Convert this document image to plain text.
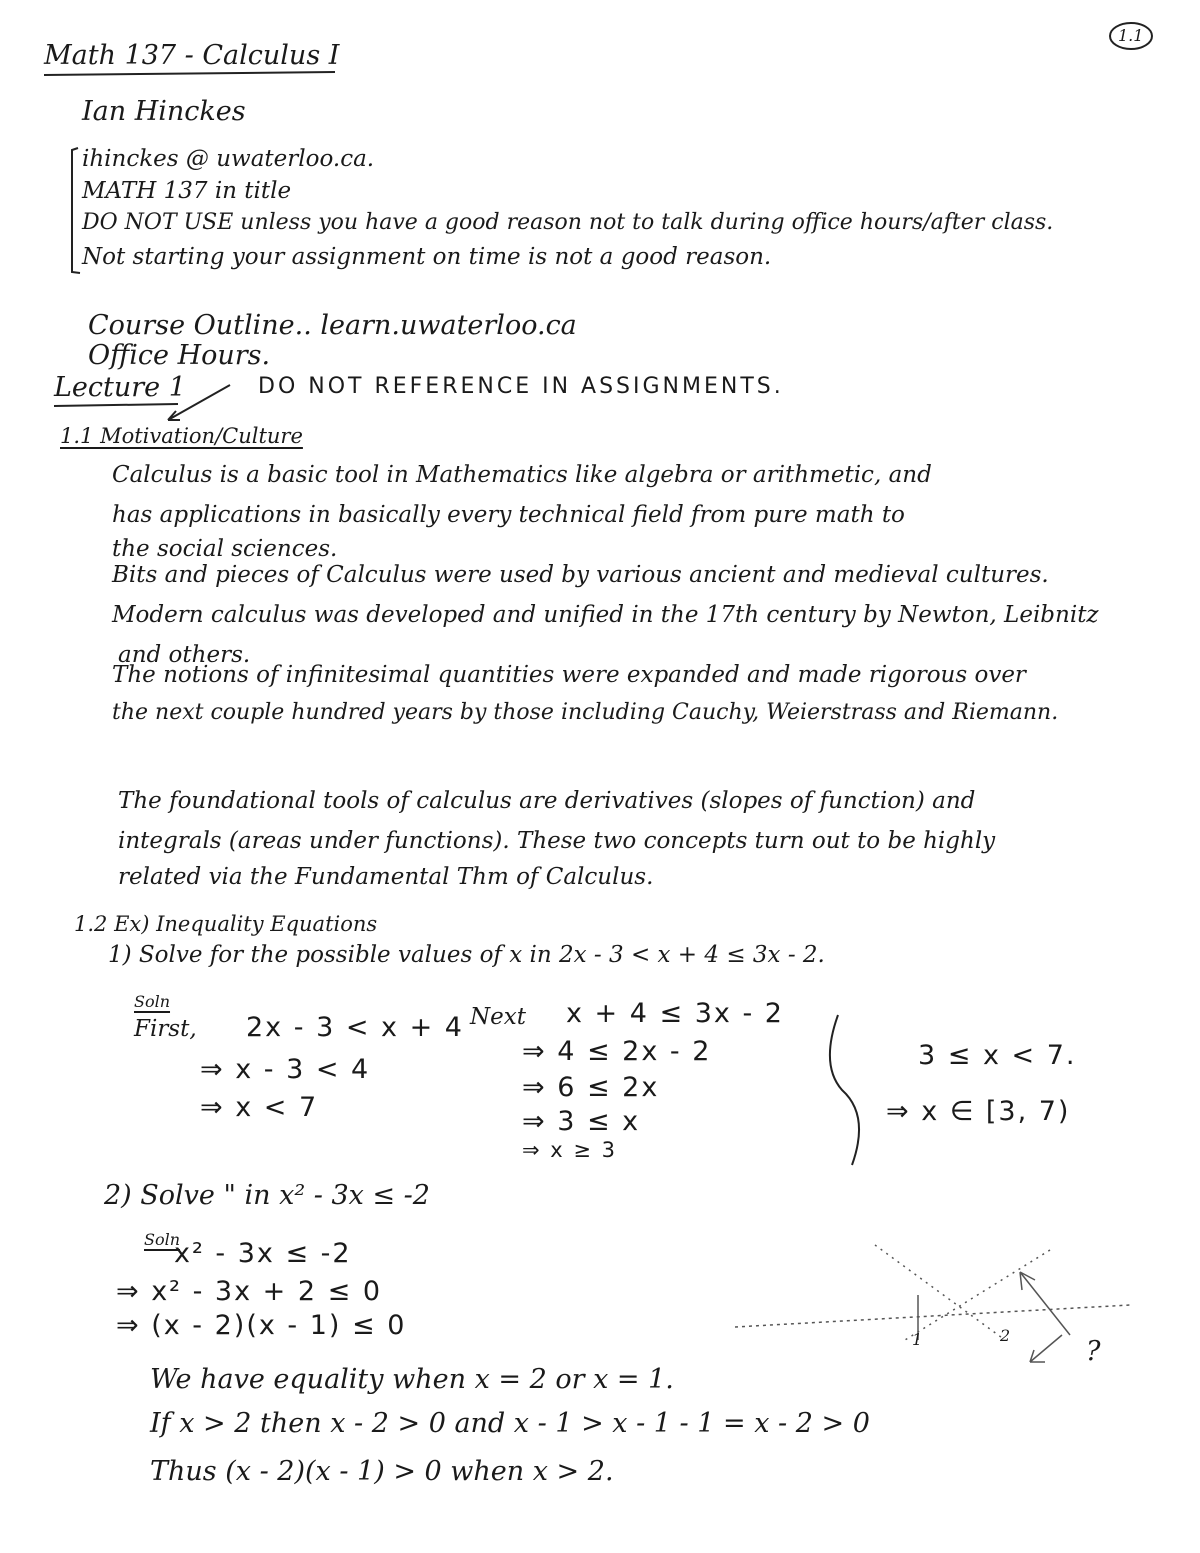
1.1
Math 137 - Calculus I
Ian Hinckes
ihinckes @ uwaterloo.ca.
MATH 137 in title
DO NOT USE unless you have a good reason not to talk during office hours/after class.
Not starting your assignment on time is not a good reason.
Course Outline.. learn.uwaterloo.ca
Office Hours.
Lecture 1	DO NOT REFERENCE IN ASSIGNMENTS.
1.1 Motivation/Culture
Calculus is a basic tool in Mathematics like algebra or arithmetic, and
has applications in basically every technical field from pure math to
the social sciences.
Bits and pieces of Calculus were used by various ancient and medieval cultures.
Modern calculus was developed and unified in the 17th century by Newton, Leibnitz
and others.
The notions of infinitesimal quantities were expanded and made rigorous over
the next couple hundred years by those including Cauchy, Weierstrass and Riemann.
The foundational tools of calculus are derivatives (slopes of function) and
integrals (areas under functions). These two concepts turn out to be highly
related via the Fundamental Thm of Calculus.
1.2 Ex) Inequality Equations
1) Solve for the possible values of x in 2x - 3 < x + 4 ≤ 3x - 2.
Soln
First, 2x - 3 < x + 4
⇒ x - 3 < 4
⇒ x < 7
Next x + 4 ≤ 3x - 2
⇒ 4 ≤ 2x - 2
⇒ 6 ≤ 2x
⇒ 3 ≤ x
⇒ x ≥ 3
3 ≤ x < 7.
⇒ x ∈ [3, 7)
2) Solve " in x² - 3x ≤ -2
Soln
x² - 3x ≤ -2
⇒ x² - 3x + 2 ≤ 0
⇒ (x - 2)(x - 1) ≤ 0	1	2
?
We have equality when x = 2 or x = 1.
If x > 2 then x - 2 > 0 and x - 1 > x - 1 - 1 = x - 2 > 0
Thus (x - 2)(x - 1) > 0 when x > 2.
